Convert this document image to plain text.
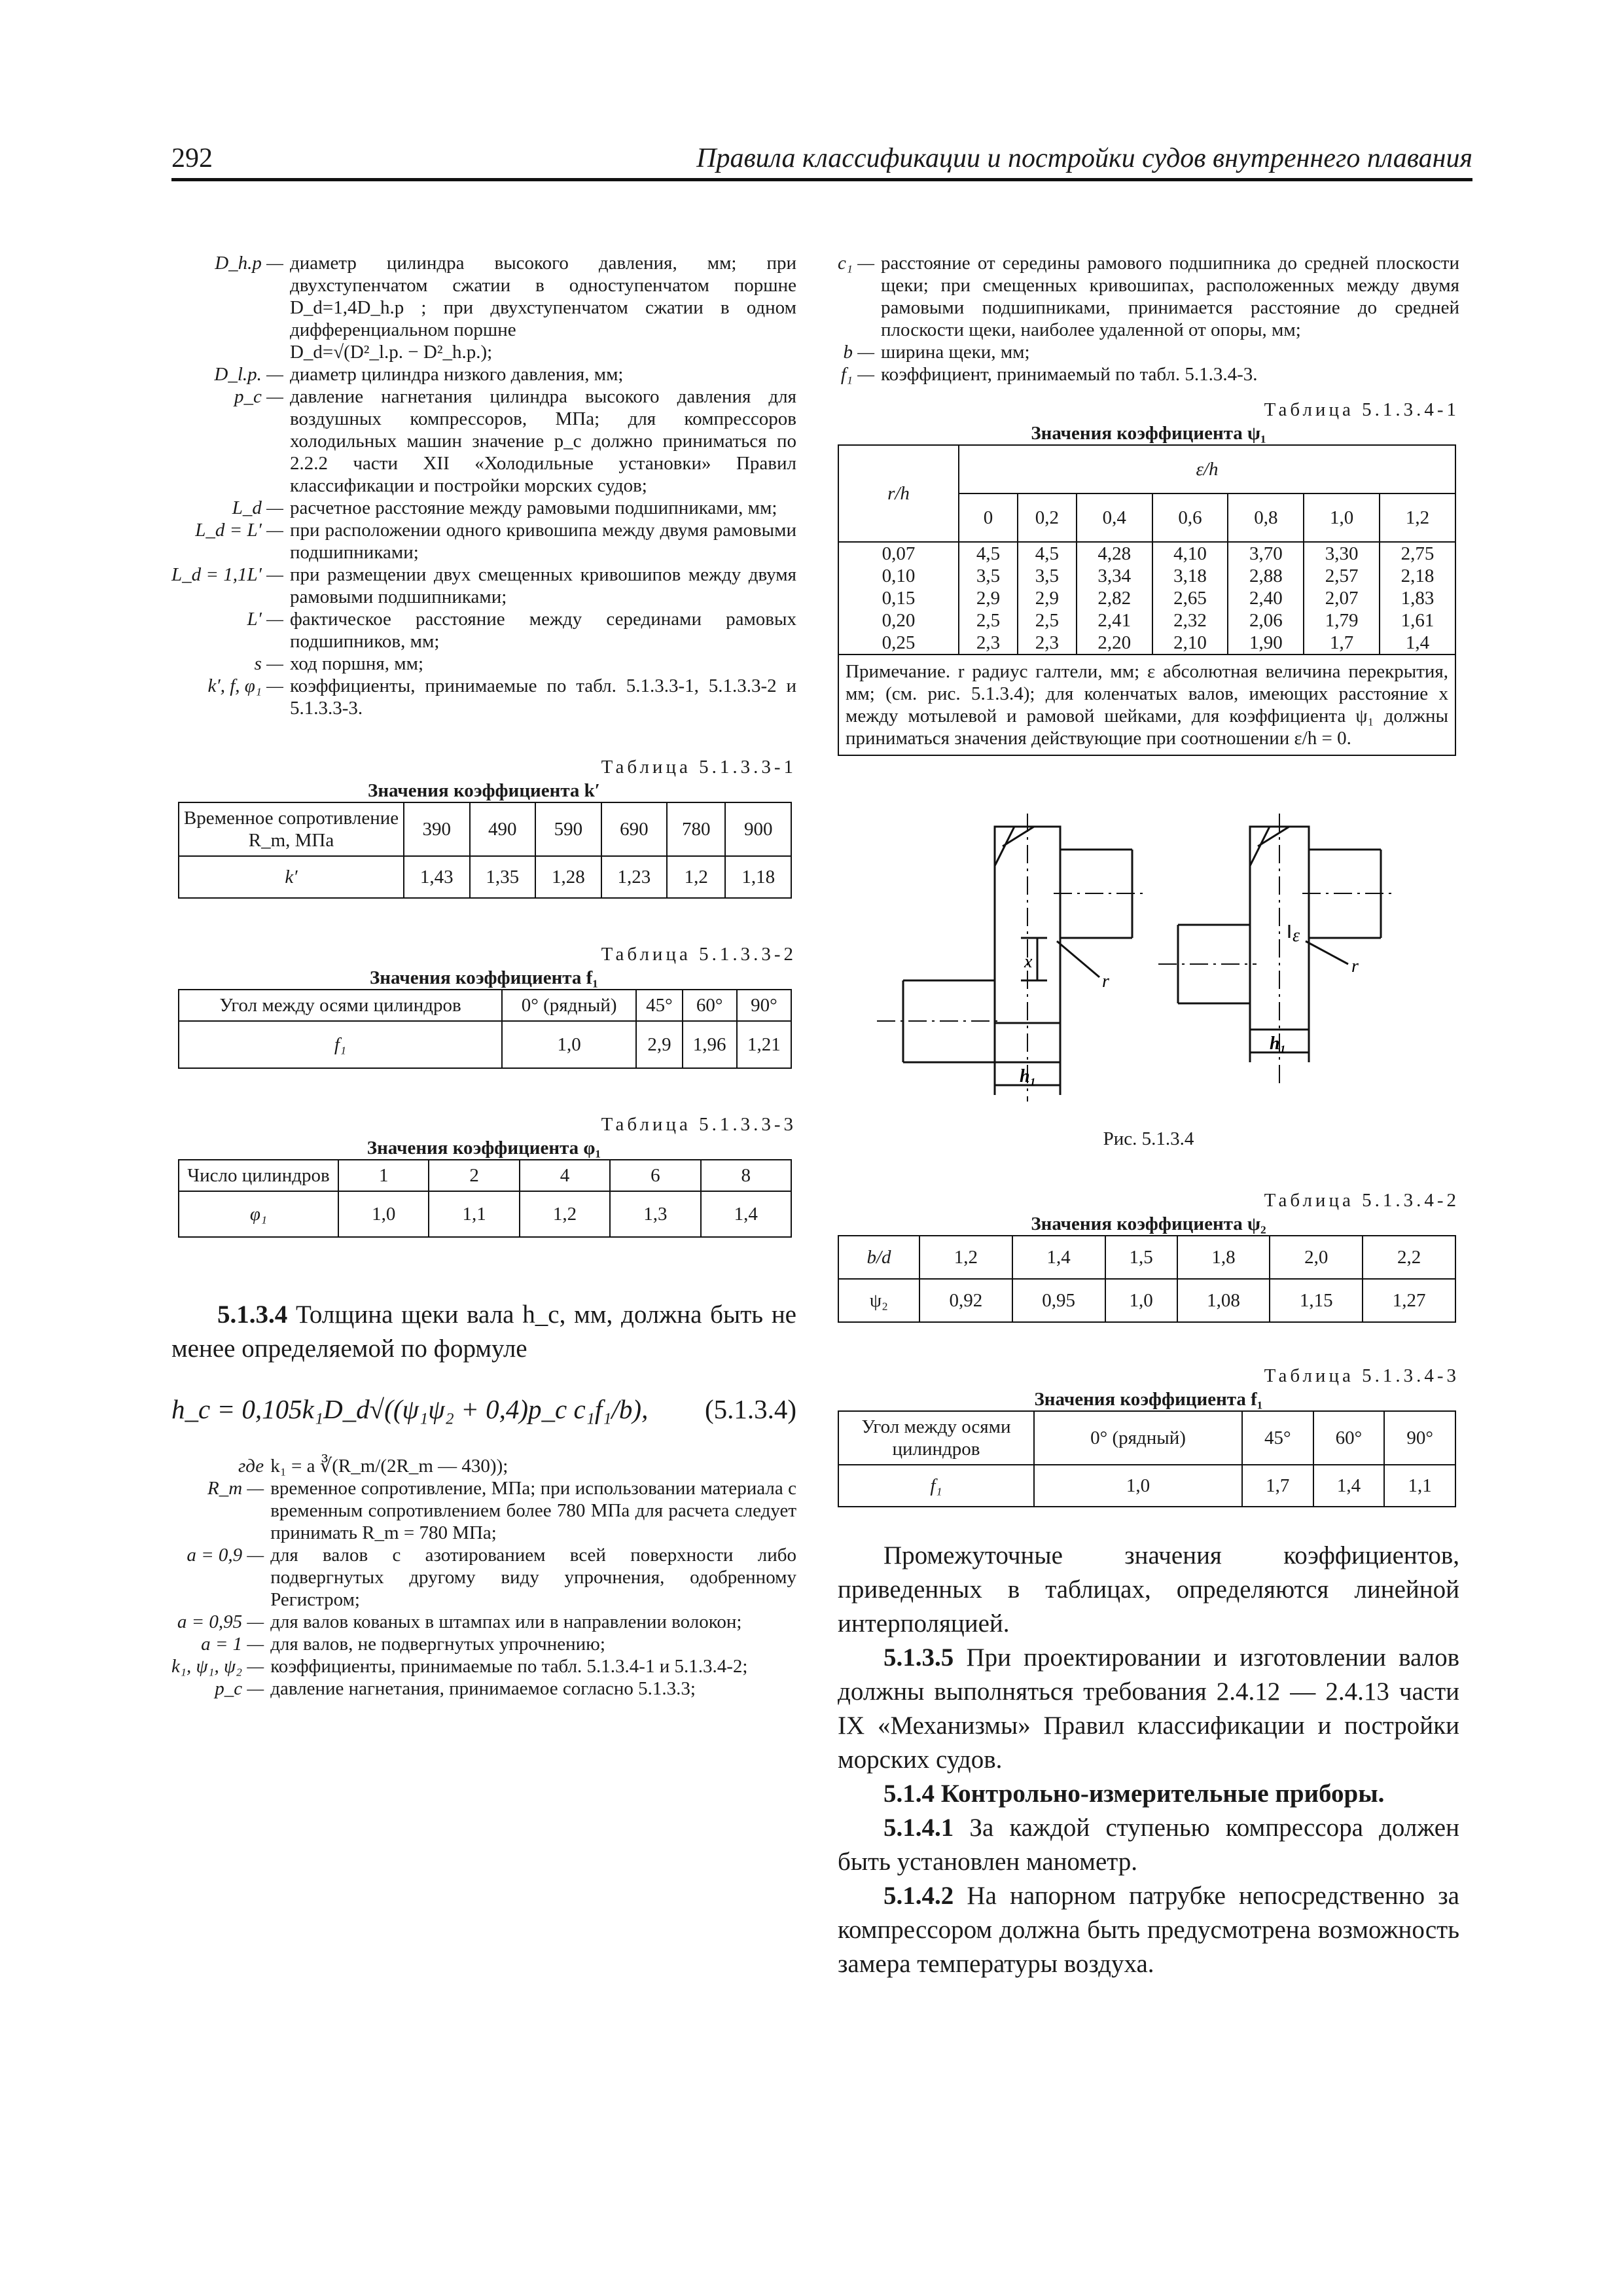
292	Правила классификации и постройки судов внутреннего плавания
D_h.p — диаметр цилиндра высокого давления, мм; при двухступенчатом сжатии в одноступенчатом поршне D_d=1,4D_h.p ; при двухступенчатом сжатии в одном дифференциальном поршне
D_d=√(D²_l.p. − D²_h.p.);
D_l.p. — диаметр цилиндра низкого давления, мм;
p_c — давление нагнетания цилиндра высокого давления для воздушных компрессоров, МПа; для компрессоров холодильных машин значение p_c должно приниматься по 2.2.2 части XII «Холодильные установки» Правил классификации и постройки морских судов;
L_d — расчетное расстояние между рамовыми подшипниками, мм;
L_d = L′ — при расположении одного кривошипа между двумя рамовыми подшипниками;
L_d = 1,1L′ — при размещении двух смещенных кривошипов между двумя рамовыми подшипниками;
L′ — фактическое расстояние между серединами рамовых подшипников, мм;
s — ход поршня, мм;
k′, f, φ₁ — коэффициенты, принимаемые по табл. 5.1.3.3-1, 5.1.3.3-2 и 5.1.3.3-3.
Таблица 5.1.3.3-1
Значения коэффициента k′
Временное сопротивление R_m, МПа	390	490	590	690	780	900
k′	1,43	1,35	1,28	1,23	1,2	1,18
Таблица 5.1.3.3-2
Значения коэффициента f₁
Угол между осями цилиндров	0° (рядный)	45°	60°	90°
f₁	1,0	2,9	1,96	1,21
Таблица 5.1.3.3-3
Значения коэффициента φ₁
Число цилиндров	1	2	4	6	8
φ₁	1,0	1,1	1,2	1,3	1,4
5.1.3.4 Толщина щеки вала h_c, мм, должна быть не менее определяемой по формуле
h_c = 0,105k₁D_d√((ψ₁ψ₂ + 0,4)p_c c₁f₁/b), (5.1.3.4)
где k₁ = a ∛(R_m/(2R_m — 430));
R_m — временное сопротивление, МПа; при использовании материала с временным сопротивлением более 780 МПа для расчета следует принимать R_m = 780 МПа;
a = 0,9 — для валов с азотированием всей поверхности либо подвергнутых другому виду упрочнения, одобренному Регистром;
a = 0,95 — для валов кованых в штампах или в направлении волокон;
a = 1 — для валов, не подвергнутых упрочнению;
k₁, ψ₁, ψ₂ — коэффициенты, принимаемые по табл. 5.1.3.4-1 и 5.1.3.4-2;
p_c — давление нагнетания, принимаемое согласно 5.1.3.3;
c₁ — расстояние от середины рамового подшипника до средней плоскости щеки; при смещенных кривошипах, расположенных между двумя рамовыми подшипниками, принимается расстояние до средней плоскости щеки, наиболее удаленной от опоры, мм;
b — ширина щеки, мм;
f₁ — коэффициент, принимаемый по табл. 5.1.3.4-3.
Таблица 5.1.3.4-1
Значения коэффициента ψ₁
r/h	ε/h						
	0	0,2	0,4	0,6	0,8	1,0	1,2
0,07	4,5	4,5	4,28	4,10	3,70	3,30	2,75
0,10	3,5	3,5	3,34	3,18	2,88	2,57	2,18
0,15	2,9	2,9	2,82	2,65	2,40	2,07	1,83
0,20	2,5	2,5	2,41	2,32	2,06	1,79	1,61
0,25	2,3	2,3	2,20	2,10	1,90	1,7	1,4
Примечание. r радиус галтели, мм; ε абсолютная величина перекрытия, мм; (см. рис. 5.1.3.4); для коленчатых валов, имеющих расстояние x между мотылевой и рамовой шейками, для коэффициента ψ₁ должны приниматься значения действующие при соотношении ε/h = 0.							
x
r
h₁
ε
r
h₁
Рис. 5.1.3.4
Таблица 5.1.3.4-2
Значения коэффициента ψ₂
b/d	1,2	1,4	1,5	1,8	2,0	2,2
ψ₂	0,92	0,95	1,0	1,08	1,15	1,27
Таблица 5.1.3.4-3
Значения коэффициента f₁
Угол между осями цилиндров	0° (рядный)	45°	60°	90°
f₁	1,0	1,7	1,4	1,1
Промежуточные значения коэффициентов, приведенных в таблицах, определяются линейной интерполяцией.
5.1.3.5 При проектировании и изготовлении валов должны выполняться требования 2.4.12 — 2.4.13 части IX «Механизмы» Правил классификации и постройки морских судов.
5.1.4 Контрольно-измерительные приборы.
5.1.4.1 За каждой ступенью компрессора должен быть установлен манометр.
5.1.4.2 На напорном патрубке непосредственно за компрессором должна быть предусмотрена возможность замера температуры воздуха.
